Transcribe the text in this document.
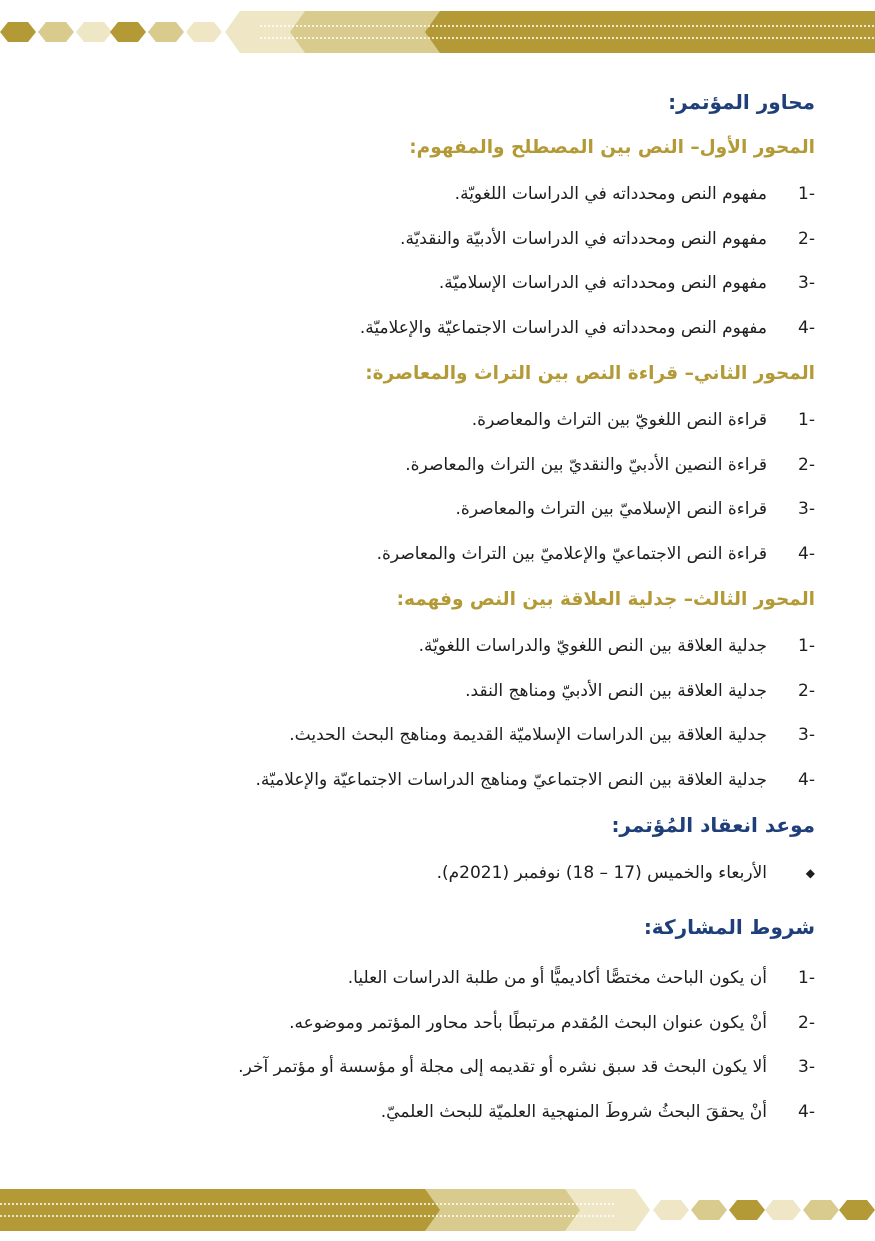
محاور المؤتمر:
المحور الأول– النص بين المصطلح والمفهوم:
1-
مفهوم النص ومحدداته في الدراسات اللغويّة.
2-
مفهوم النص ومحدداته في الدراسات الأدبيّة والنقديّة.
3-
مفهوم النص ومحدداته في الدراسات الإسلاميّة.
4-
مفهوم النص ومحدداته في الدراسات الاجتماعيّة والإعلاميّة.
المحور الثاني– قراءة النص بين التراث والمعاصرة:
1-
قراءة النص اللغويّ بين التراث والمعاصرة.
2-
قراءة النصين الأدبيّ والنقديّ بين التراث والمعاصرة.
3-
قراءة النص الإسلاميّ بين التراث والمعاصرة.
4-
قراءة النص الاجتماعيّ والإعلاميّ بين التراث والمعاصرة.
المحور الثالث– جدلية العلاقة بين النص وفهمه:
1-
جدلية العلاقة بين النص اللغويّ والدراسات اللغويّة.
2-
جدلية العلاقة بين النص الأدبيّ ومناهج النقد.
3-
جدلية العلاقة بين الدراسات الإسلاميّة القديمة ومناهج البحث الحديث.
4-
جدلية العلاقة بين النص الاجتماعيّ ومناهج الدراسات الاجتماعيّة والإعلاميّة.
موعد انعقاد المُؤتمر:
◆
الأربعاء والخميس (17 – 18) نوفمبر (2021م).
شروط المشاركة:
1-
أن يكون الباحث مختصًّا أكاديميًّا أو من طلبة الدراسات العليا.
2-
أنْ يكون عنوان البحث المُقدم مرتبطًا بأحد محاور المؤتمر وموضوعه.
3-
ألا يكون البحث قد سبق نشره أو تقديمه إلى مجلة أو مؤسسة أو مؤتمر آخر.
4-
أنْ يحققَ البحثُ شروطَ المنهجية العلميّة للبحث العلميّ.
